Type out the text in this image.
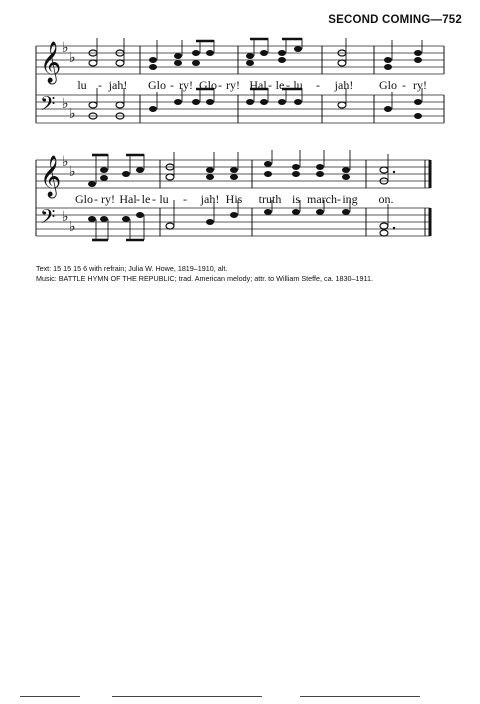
SECOND COMING—752
𝄞 ♭
♭
𝄢 ♭
♭
𝄞 ♭
♭
𝄢 ♭
♭
lu - jah! Glo - ry! Glo - ry! Hal - le - lu - jah! Glo - ry!
Glo - ry! Hal - le - lu - jah! His truth is march - ing on.
Text: 15 15 15 6 with refrain; Julia W. Howe, 1819–1910, alt.
Music: BATTLE HYMN OF THE REPUBLIC; trad. American melody; attr. to William Steffe, ca. 1830–1911.
